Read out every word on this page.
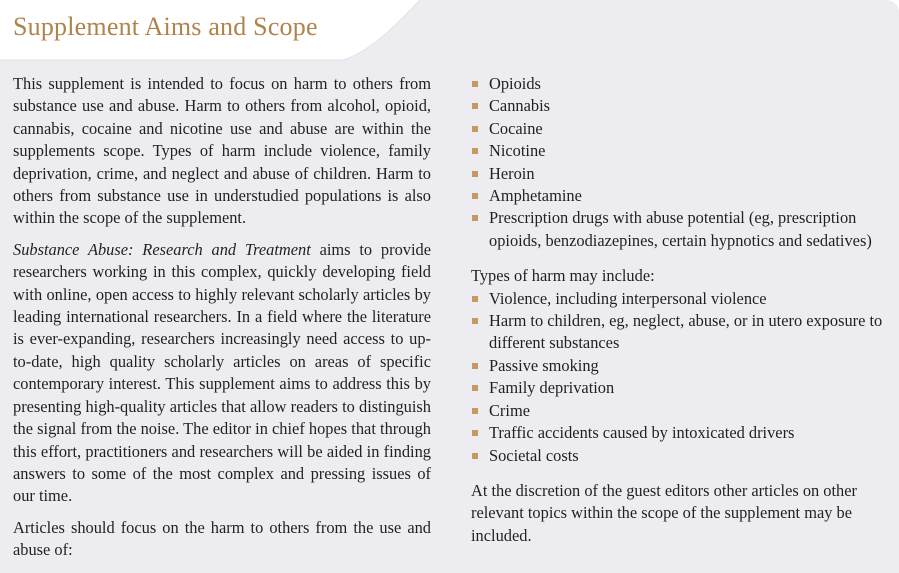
Supplement Aims and Scope

This supplement is intended to focus on harm to others from substance use and abuse. Harm to others from alcohol, opioid, cannabis, cocaine and nicotine use and abuse are within the supplements scope. Types of harm include violence, family deprivation, crime, and neglect and abuse of children. Harm to others from substance use in understudied populations is also within the scope of the supplement.

Substance Abuse: Research and Treatment aims to provide researchers working in this complex, quickly developing field with online, open access to highly relevant scholarly articles by leading international researchers. In a field where the literature is ever-expanding, researchers increasingly need access to up-to-date, high quality scholarly articles on areas of specific contemporary interest. This supplement aims to address this by presenting high-quality articles that allow readers to distinguish the signal from the noise. The editor in chief hopes that through this effort, practitioners and researchers will be aided in finding answers to some of the most complex and pressing issues of our time.

Articles should focus on the harm to others from the use and abuse of:

Opioids
Cannabis
Cocaine
Nicotine
Heroin
Amphetamine
Prescription drugs with abuse potential (eg, prescription opioids, benzodiazepines, certain hypnotics and sedatives)

Types of harm may include:

Violence, including interpersonal violence
Harm to children, eg, neglect, abuse, or in utero exposure to different substances
Passive smoking
Family deprivation
Crime
Traffic accidents caused by intoxicated drivers
Societal costs

At the discretion of the guest editors other articles on other relevant topics within the scope of the supplement may be included.
